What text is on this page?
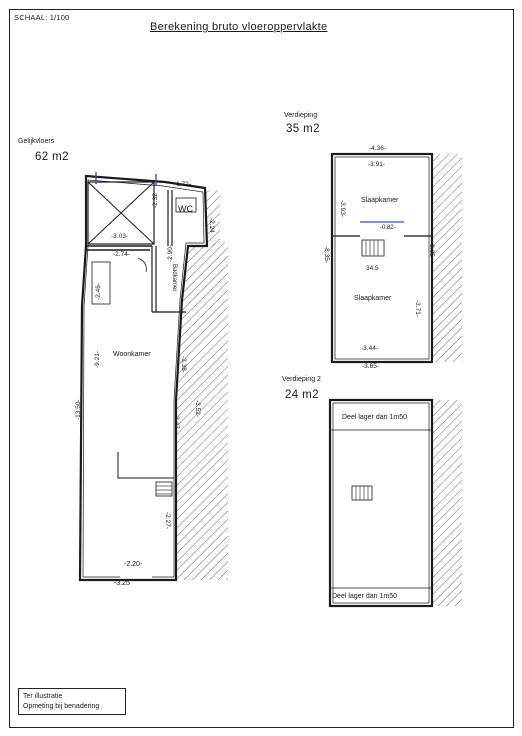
SCHAAL: 1/100
Berekening bruto vloeroppervlakte
Gelijkvloers
62 m2
Verdieping
35 m2
Verdieping 2
24 m2
Woonkamer
Badkamer
WC
-1.72-
-2.32
-2.24
-3.03-
-2.74-	-2.90-
-2.46-
-13.50-
-9.21-	-3.38-
-3.47-
-3.52-
-2.27-
-2.20-
-3.25
Slaapkamer
Slaapkamer
-4.36-
-3.91-
-3.93-
-0.82-
-8.35-	-8.35-
34.5
-3.71-
-3.44-
-3.65-
Deel lager dan 1m50
Deel lager dan 1m50
Ter illustratie
Opmeting bij benadering
